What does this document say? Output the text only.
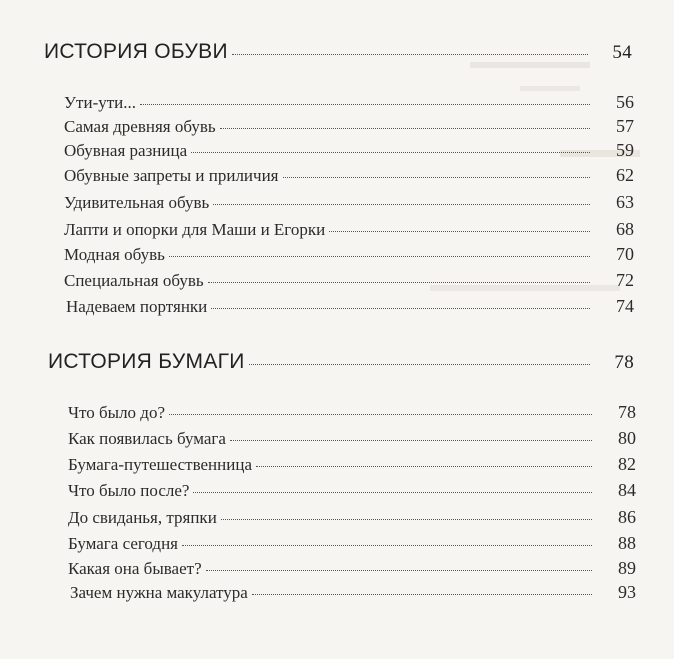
ИСТОРИЯ ОБУВИ	54
Ути-ути...	56
Самая древняя обувь	57
Обувная разница	59
Обувные запреты и приличия	62
Удивительная обувь	63
Лапти и опорки для Маши и Егорки	68
Модная обувь	70
Специальная обувь	72
Надеваем портянки	74
ИСТОРИЯ БУМАГИ	78
Что было до?	78
Как появилась бумага	80
Бумага-путешественница	82
Что было после?	84
До свиданья, тряпки	86
Бумага сегодня	88
Какая она бывает?	89
Зачем нужна макулатура	93
